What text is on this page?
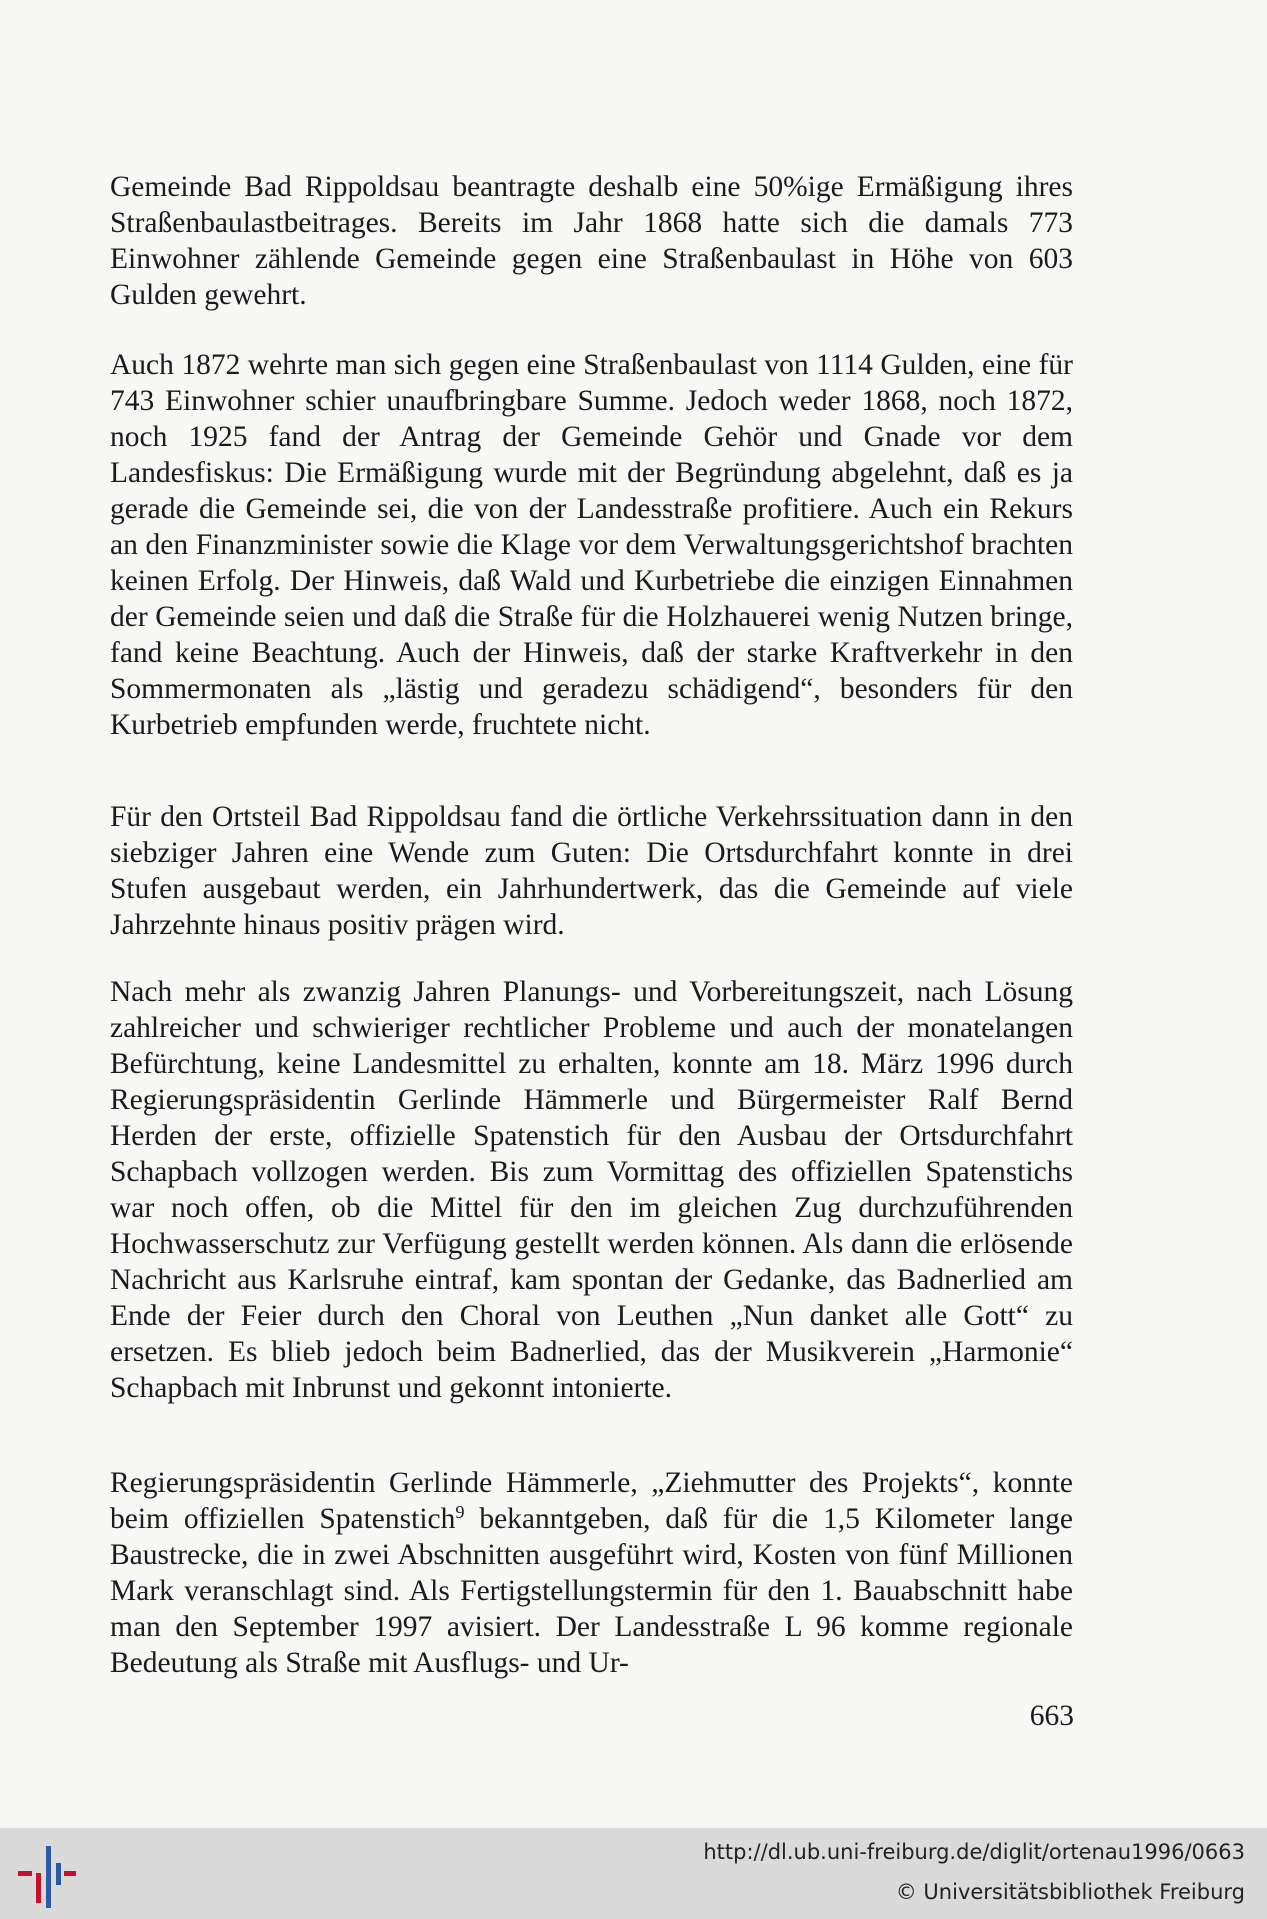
Gemeinde Bad Rippoldsau beantragte deshalb eine 50%ige Ermäßigung ihres Straßenbaulastbeitrages. Bereits im Jahr 1868 hatte sich die damals 773 Einwohner zählende Gemeinde gegen eine Straßenbaulast in Höhe von 603 Gulden gewehrt.

Auch 1872 wehrte man sich gegen eine Straßenbaulast von 1114 Gulden, eine für 743 Einwohner schier unaufbringbare Summe. Jedoch weder 1868, noch 1872, noch 1925 fand der Antrag der Gemeinde Gehör und Gnade vor dem Landesfiskus: Die Ermäßigung wurde mit der Begründung abgelehnt, daß es ja gerade die Gemeinde sei, die von der Landesstraße profitiere. Auch ein Rekurs an den Finanzminister sowie die Klage vor dem Verwaltungsgerichtshof brachten keinen Erfolg. Der Hinweis, daß Wald und Kurbetriebe die einzigen Einnahmen der Gemeinde seien und daß die Straße für die Holzhauerei wenig Nutzen bringe, fand keine Beachtung. Auch der Hinweis, daß der starke Kraftverkehr in den Sommermonaten als „lästig und geradezu schädigend“, besonders für den Kurbetrieb empfunden werde, fruchtete nicht.

Für den Ortsteil Bad Rippoldsau fand die örtliche Verkehrssituation dann in den siebziger Jahren eine Wende zum Guten: Die Ortsdurchfahrt konnte in drei Stufen ausgebaut werden, ein Jahrhundertwerk, das die Gemeinde auf viele Jahrzehnte hinaus positiv prägen wird.

Nach mehr als zwanzig Jahren Planungs- und Vorbereitungszeit, nach Lösung zahlreicher und schwieriger rechtlicher Probleme und auch der monatelangen Befürchtung, keine Landesmittel zu erhalten, konnte am 18. März 1996 durch Regierungspräsidentin Gerlinde Hämmerle und Bürgermeister Ralf Bernd Herden der erste, offizielle Spatenstich für den Ausbau der Ortsdurchfahrt Schapbach vollzogen werden. Bis zum Vormittag des offiziellen Spatenstichs war noch offen, ob die Mittel für den im gleichen Zug durchzuführenden Hochwasserschutz zur Verfügung gestellt werden können. Als dann die erlösende Nachricht aus Karlsruhe eintraf, kam spontan der Gedanke, das Badnerlied am Ende der Feier durch den Choral von Leuthen „Nun danket alle Gott“ zu ersetzen. Es blieb jedoch beim Badnerlied, das der Musikverein „Harmonie“ Schapbach mit Inbrunst und gekonnt intonierte.

Regierungspräsidentin Gerlinde Hämmerle, „Ziehmutter des Projekts“, konnte beim offiziellen Spatenstich$^9$ bekanntgeben, daß für die 1,5 Kilometer lange Baustrecke, die in zwei Abschnitten ausgeführt wird, Kosten von fünf Millionen Mark veranschlagt sind. Als Fertigstellungstermin für den 1. Bauabschnitt habe man den September 1997 avisiert. Der Landesstraße L 96 komme regionale Bedeutung als Straße mit Ausflugs- und Ur-

663
http://dl.ub.uni-freiburg.de/diglit/ortenau1996/0663
© Universitätsbibliothek Freiburg
